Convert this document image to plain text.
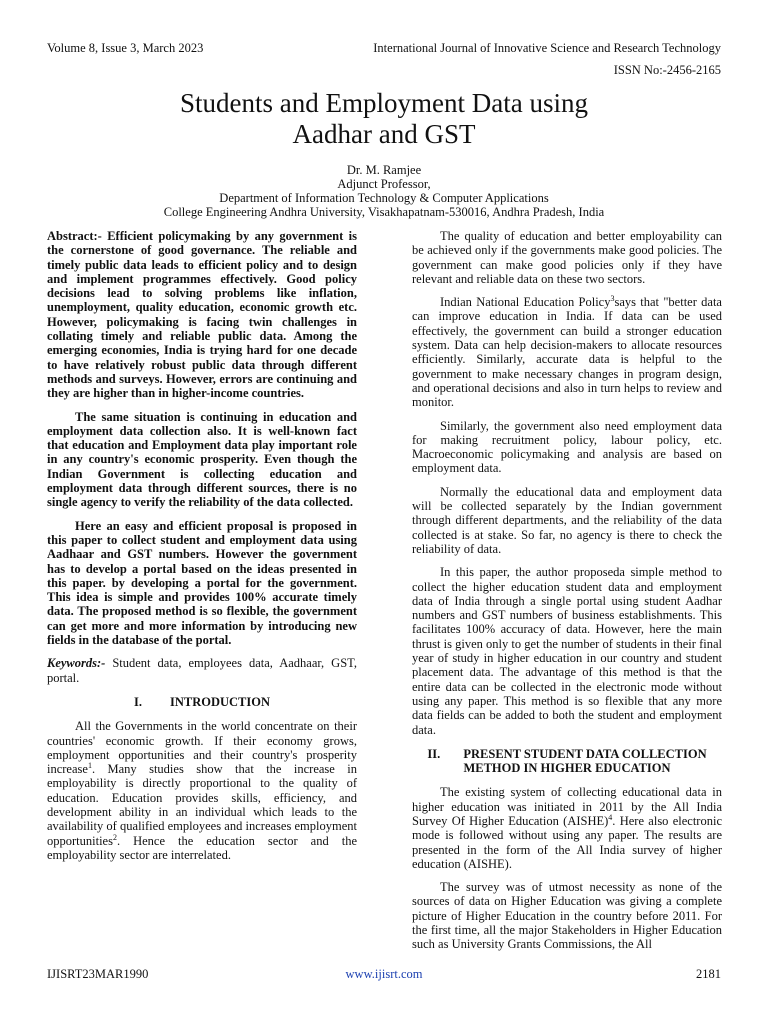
Volume 8, Issue 3, March 2023	International Journal of Innovative Science and Research Technology
ISSN No:-2456-2165
Students and Employment Data using
Aadhar and GST
Dr. M. Ramjee
Adjunct Professor,
Department of Information Technology & Computer Applications
College Engineering Andhra University, Visakhapatnam-530016, Andhra Pradesh, India

Abstract:- Efficient policymaking by any government is the cornerstone of good governance. The reliable and timely public data leads to efficient policy and to design and implement programmes effectively. Good policy decisions lead to solving problems like inflation, unemployment, quality education, economic growth etc. However, policymaking is facing twin challenges in collating timely and reliable public data. Among the emerging economies, India is trying hard for one decade to have relatively robust public data through different methods and surveys. However, errors are continuing and they are higher than in higher-income countries.

The same situation is continuing in education and employment data collection also. It is well-known fact that education and Employment data play important role in any country's economic prosperity. Even though the Indian Government is collecting education and employment data through different sources, there is no single agency to verify the reliability of the data collected.

Here an easy and efficient proposal is proposed in this paper to collect student and employment data using Aadhaar and GST numbers. However the government has to develop a portal based on the ideas presented in this paper. by developing a portal for the government. This idea is simple and provides 100% accurate timely data. The proposed method is so flexible, the government can get more and more information by introducing new fields in the database of the portal.

Keywords:- Student data, employees data, Aadhaar, GST, portal.

I. INTRODUCTION

All the Governments in the world concentrate on their countries' economic growth. If their economy grows, employment opportunities and their country's prosperity increase$^1$. Many studies show that the increase in employability is directly proportional to the quality of education. Education provides skills, efficiency, and development ability in an individual which leads to the availability of qualified employees and increases employment opportunities$^2$. Hence the education sector and the employability sector are interrelated.

The quality of education and better employability can be achieved only if the governments make good policies. The government can make good policies only if they have relevant and reliable data on these two sectors.

Indian National Education Policy$^3$says that "better data can improve education in India. If data can be used effectively, the government can build a stronger education system. Data can help decision-makers to allocate resources efficiently. Similarly, accurate data is helpful to the government to make necessary changes in program design, and operational decisions and also in turn helps to review and monitor.

Similarly, the government also need employment data for making recruitment policy, labour policy, etc. Macroeconomic policymaking and analysis are based on employment data.

Normally the educational data and employment data will be collected separately by the Indian government through different departments, and the reliability of the data collected is at stake. So far, no agency is there to check the reliability of data.

In this paper, the author proposeda simple method to collect the higher education student data and employment data of India through a single portal using student Aadhar numbers and GST numbers of business establishments. This facilitates 100% accuracy of data. However, here the main thrust is given only to get the number of students in their final year of study in higher education in our country and student placement data. The advantage of this method is that the entire data can be collected in the electronic mode without using any paper. This method is so flexible that any more data fields can be added to both the student and employment data.

II. PRESENT STUDENT DATA COLLECTION
METHOD IN HIGHER EDUCATION

The existing system of collecting educational data in higher education was initiated in 2011 by the All India Survey Of Higher Education (AISHE)$^4$. Here also electronic mode is followed without using any paper. The results are presented in the form of the All India survey of higher education (AISHE).

The survey was of utmost necessity as none of the sources of data on Higher Education was giving a complete picture of Higher Education in the country before 2011. For the first time, all the major Stakeholders in Higher Education such as University Grants Commissions, the All

IJISRT23MAR1990	www.ijisrt.com	2181
